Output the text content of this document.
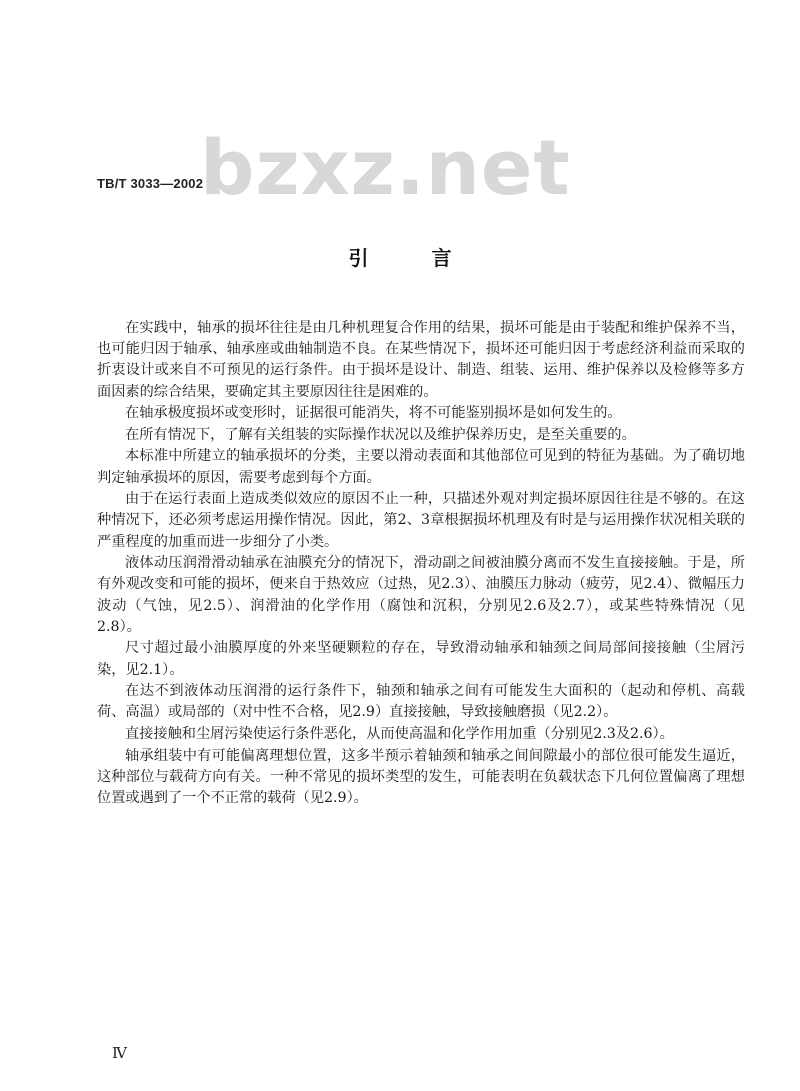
bzxz.net
TB/T 3033—2002
引 言

在实践中，轴承的损坏往往是由几种机理复合作用的结果，损坏可能是由于装配和维护保养不当，也可能归因于轴承、轴承座或曲轴制造不良。在某些情况下，损坏还可能归因于考虑经济利益而采取的折衷设计或来自不可预见的运行条件。由于损坏是设计、制造、组装、运用、维护保养以及检修等多方面因素的综合结果，要确定其主要原因往往是困难的。

在轴承极度损坏或变形时，证据很可能消失，将不可能鉴别损坏是如何发生的。

在所有情况下，了解有关组装的实际操作状况以及维护保养历史，是至关重要的。

本标准中所建立的轴承损坏的分类，主要以滑动表面和其他部位可见到的特征为基础。为了确切地判定轴承损坏的原因，需要考虑到每个方面。

由于在运行表面上造成类似效应的原因不止一种，只描述外观对判定损坏原因往往是不够的。在这种情况下，还必须考虑运用操作情况。因此，第2、3章根据损坏机理及有时是与运用操作状况相关联的严重程度的加重而进一步细分了小类。

液体动压润滑滑动轴承在油膜充分的情况下，滑动副之间被油膜分离而不发生直接接触。于是，所有外观改变和可能的损坏，便来自于热效应（过热，见2.3）、油膜压力脉动（疲劳，见2.4）、微幅压力波动（气蚀，见2.5）、润滑油的化学作用（腐蚀和沉积，分别见2.6及2.7），或某些特殊情况（见2.8）。

尺寸超过最小油膜厚度的外来坚硬颗粒的存在，导致滑动轴承和轴颈之间局部间接接触（尘屑污染，见2.1）。

在达不到液体动压润滑的运行条件下，轴颈和轴承之间有可能发生大面积的（起动和停机、高载荷、高温）或局部的（对中性不合格，见2.9）直接接触，导致接触磨损（见2.2）。

直接接触和尘屑污染使运行条件恶化，从而使高温和化学作用加重（分别见2.3及2.6）。

轴承组装中有可能偏离理想位置，这多半预示着轴颈和轴承之间间隙最小的部位很可能发生逼近，这种部位与载荷方向有关。一种不常见的损坏类型的发生，可能表明在负载状态下几何位置偏离了理想位置或遇到了一个不正常的载荷（见2.9）。

Ⅳ
